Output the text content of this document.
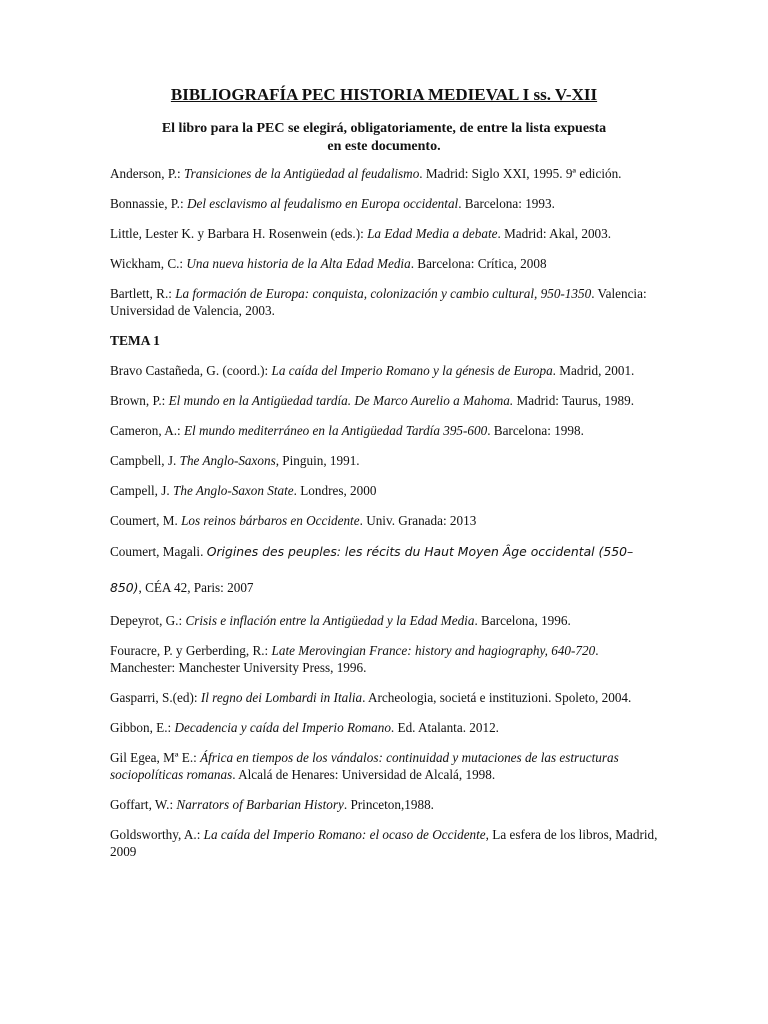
BIBLIOGRAFÍA PEC HISTORIA MEDIEVAL I ss. V-XII
El libro para la PEC se elegirá, obligatoriamente, de entre la lista expuesta
en este documento.
Anderson, P.: Transiciones de la Antigüedad al feudalismo. Madrid: Siglo XXI, 1995. 9ª edición.
Bonnassie, P.: Del esclavismo al feudalismo en Europa occidental. Barcelona: 1993.
Little, Lester K. y Barbara H. Rosenwein (eds.): La Edad Media a debate. Madrid: Akal, 2003.
Wickham, C.: Una nueva historia de la Alta Edad Media. Barcelona: Crítica, 2008
Bartlett, R.: La formación de Europa: conquista, colonización y cambio cultural, 950-1350. Valencia: Universidad de Valencia, 2003.
TEMA 1
Bravo Castañeda, G. (coord.): La caída del Imperio Romano y la génesis de Europa. Madrid, 2001.
Brown, P.: El mundo en la Antigüedad tardía. De Marco Aurelio a Mahoma. Madrid: Taurus, 1989.
Cameron, A.: El mundo mediterráneo en la Antigüedad Tardía 395-600. Barcelona: 1998.
Campbell, J. The Anglo-Saxons, Pinguin, 1991.
Campell, J. The Anglo-Saxon State. Londres, 2000
Coumert, M. Los reinos bárbaros en Occidente. Univ. Granada: 2013
Coumert, Magali. Origines des peuples: les récits du Haut Moyen Âge occidental (550–850), CÉA 42, Paris: 2007
Depeyrot, G.: Crisis e inflación entre la Antigüedad y la Edad Media. Barcelona, 1996.
Fouracre, P. y Gerberding, R.: Late Merovingian France: history and hagiography, 640-720. Manchester: Manchester University Press, 1996.
Gasparri, S.(ed): Il regno dei Lombardi in Italia. Archeologia, societá e instituzioni. Spoleto, 2004.
Gibbon, E.: Decadencia y caída del Imperio Romano. Ed. Atalanta. 2012.
Gil Egea, Mª E.: África en tiempos de los vándalos: continuidad y mutaciones de las estructuras sociopolíticas romanas. Alcalá de Henares: Universidad de Alcalá, 1998.
Goffart, W.: Narrators of Barbarian History. Princeton,1988.
Goldsworthy, A.: La caída del Imperio Romano: el ocaso de Occidente, La esfera de los libros, Madrid, 2009
